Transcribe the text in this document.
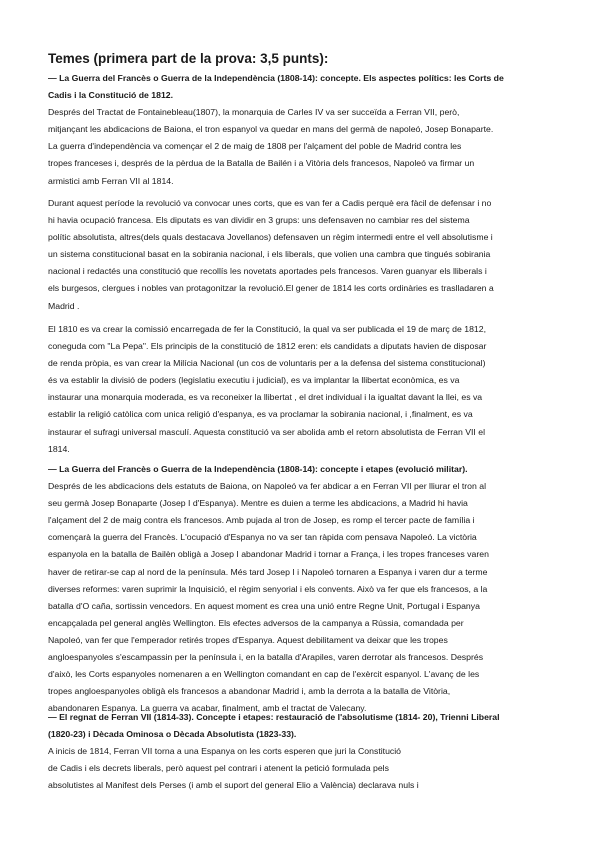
Temes (primera part de la prova: 3,5 punts):
— La Guerra del Francès o Guerra de la Independència (1808-14): concepte. Els aspectes polítics: les Corts de
Cadis i la Constitució de 1812.
Després del Tractat de Fontainebleau(1807), la monarquia de Carles IV va ser succeïda a Ferran VII, però,
mitjançant les abdicacions de Baiona, el tron espanyol va quedar en mans del germà de napoleó, Josep Bonaparte.
La guerra d'independència va començar el 2 de maig de 1808 per l'alçament del poble de Madrid contra les
tropes franceses i, després de la pèrdua de la Batalla de Bailén i a Vitòria dels francesos, Napoleó va firmar un
armistici amb Ferran VII al 1814.
Durant aquest període la revolució va convocar unes corts, que es van fer a Cadis perquè era fàcil de defensar i no
hi havia ocupació francesa. Els diputats es van dividir en 3 grups: uns defensaven no cambiar res del sistema
polític absolutista, altres(dels quals destacava Jovellanos) defensaven un règim intermedi entre el vell absolutisme i
un sistema constitucional basat en la sobirania nacional, i els liberals, que volien una cambra que tingués sobirania
nacional i redactés una constitució que recollís les novetats aportades pels francesos. Varen guanyar els lliberals i
els burgesos, clergues i nobles van protagonitzar la revolució.El gener de 1814 les corts ordinàries es traslladaren a
Madrid .
El 1810 es va crear la comissió encarregada de fer la Constitució, la qual va ser publicada el 19 de març de 1812,
coneguda com "La Pepa". Els principis de la constitució de 1812 eren: els candidats a diputats havien de disposar
de renda pròpia, es van crear la Milícia Nacional (un cos de voluntaris per a la defensa del sistema constitucional)
és va establir la divisió de poders (legislatiu executiu i judicial), es va implantar la llibertat econòmica, es va
instaurar una monarquia moderada, es va reconeixer la llibertat , el dret individual i la igualtat davant la llei, es va
establir la religió catòlica com unica religió d'espanya, es va proclamar la sobirania nacional, i ,finalment, es va
instaurar el sufragi universal masculí. Aquesta constitució va ser abolida amb el retorn absolutista de Ferran VII el
1814.
— La Guerra del Francès o Guerra de la Independència (1808-14): concepte i etapes (evolució militar).
Després de les abdicacions dels estatuts de Baiona, on Napoleó va fer abdicar a en Ferran VII per lliurar el tron al
seu germà Josep Bonaparte (Josep I d'Espanya). Mentre es duien a terme les abdicacions, a Madrid hi havia
l'alçament del 2 de maig contra els francesos. Amb pujada al tron de Josep, es romp el tercer pacte de família i
començarà la guerra del Francès. L'ocupació d'Espanya no va ser tan ràpida com pensava Napoleó. La victòria
espanyola en la batalla de Bailèn obligà a Josep I abandonar Madrid i tornar a França, i les tropes franceses varen
haver de retirar-se cap al nord de la península. Més tard Josep I i Napoleó tornaren a Espanya i varen dur a terme
diverses reformes: varen suprimir la Inquisició, el règim senyorial i els convents. Això va fer que els francesos, a la
batalla d'O caña, sortissin vencedors. En aquest moment es crea una unió entre Regne Unit, Portugal i Espanya
encapçalada pel general anglès Wellington. Els efectes adversos de la campanya a Rússia, comandada per
Napoleó, van fer que l'emperador retirés tropes d'Espanya. Aquest debilitament va deixar que les tropes
angloespanyoles s'escampassin per la península i, en la batalla d'Arapiles, varen derrotar als francesos. Després
d'això, les Corts espanyoles nomenaren a en Wellington comandant en cap de l'exèrcit espanyol. L'avanç de les
tropes angloespanyoles obligà els francesos a abandonar Madrid i, amb la derrota a la batalla de Vitòria,
abandonaren Espanya. La guerra va acabar, finalment, amb el tractat de Valecany.
— El regnat de Ferran VII (1814-33). Concepte i etapes: restauració de l'absolutisme (1814- 20), Trienni Liberal
(1820-23) i Dècada Ominosa o Dècada Absolutista (1823-33).
A inicis de 1814, Ferran VII torna a una Espanya on les corts esperen que juri la Constitució
de Cadis i els decrets liberals, però aquest pel contrari i atenent la petició formulada pels
absolutistes al Manifest dels Perses (i amb el suport del general Elio a València) declarava nuls i
